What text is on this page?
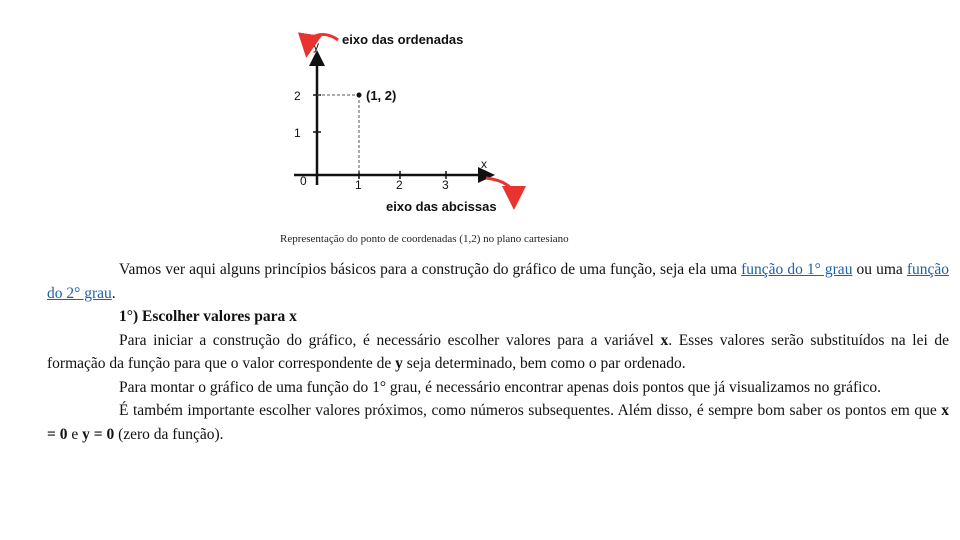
1	2	3
2
1
0
y
x
(1, 2)
eixo das ordenadas
eixo das abcissas
Representação do ponto de coordenadas (1,2) no plano cartesiano

Vamos ver aqui alguns princípios básicos para a construção do gráfico de uma função, seja ela uma função do 1° grau ou uma função do 2° grau.

1°) Escolher valores para x

Para iniciar a construção do gráfico, é necessário escolher valores para a variável x. Esses valores serão substituídos na lei de formação da função para que o valor correspondente de y seja determinado, bem como o par ordenado.

Para montar o gráfico de uma função do 1° grau, é necessário encontrar apenas dois pontos que já visualizamos no gráfico.

É também importante escolher valores próximos, como números subsequentes. Além disso, é sempre bom saber os pontos em que x = 0 e y = 0 (zero da função).
